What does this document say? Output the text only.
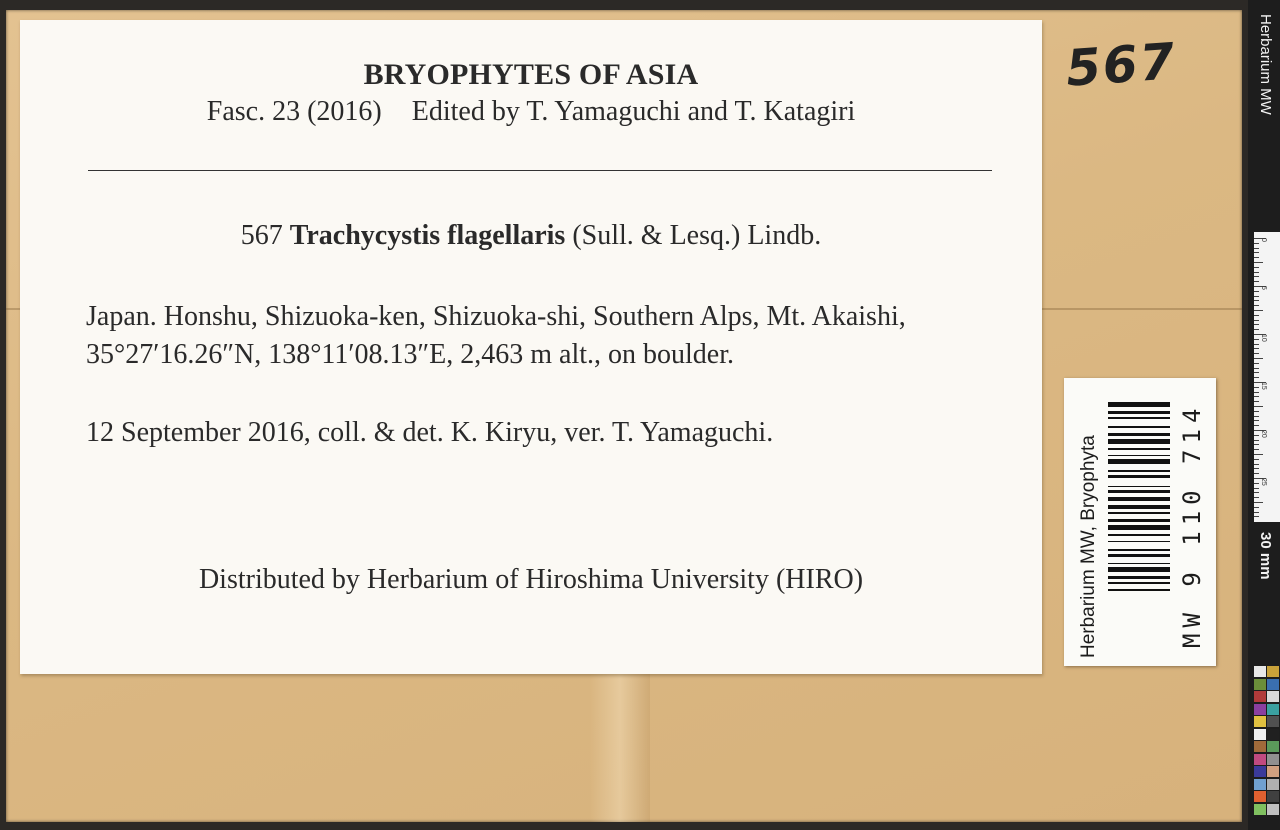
BRYOPHYTES OF ASIA
Fasc. 23 (2016) Edited by T. Yamaguchi and T. Katagiri
567 Trachycystis flagellaris (Sull. & Lesq.) Lindb.
Japan. Honshu, Shizuoka-ken, Shizuoka-shi, Southern Alps, Mt. Akaishi, 35°27′16.26″N, 138°11′08.13″E, 2,463 m alt., on boulder.
12 September 2016, coll. & det. K. Kiryu, ver. T. Yamaguchi.
Distributed by Herbarium of Hiroshima University (HIRO)
567
Herbarium MW, Bryophyta	MW 9 110 714
Herbarium MW
30 mm
0
5
10
15
20
25
